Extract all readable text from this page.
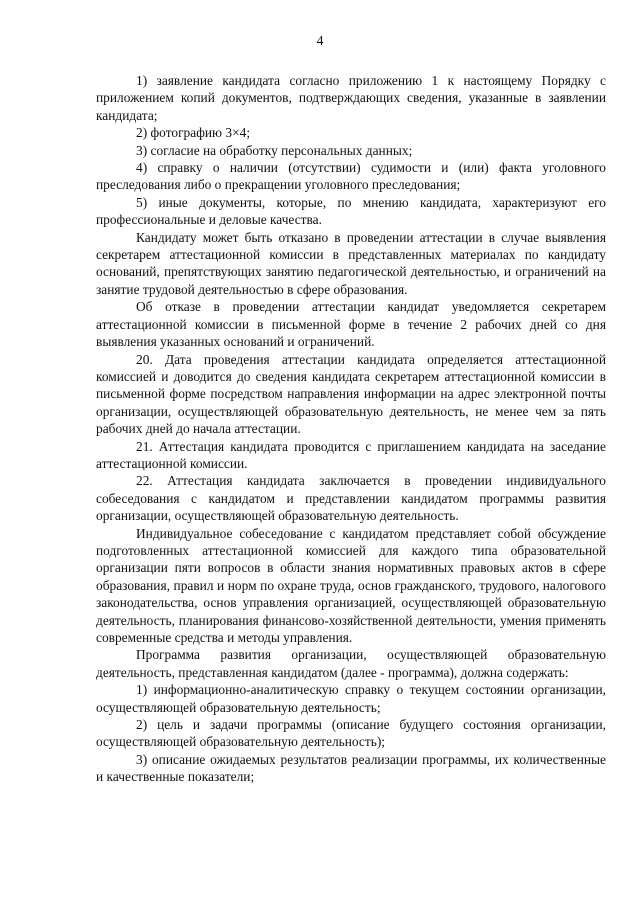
4

1) заявление кандидата согласно приложению 1 к настоящему Порядку с приложением копий документов, подтверждающих сведения, указанные в заявлении кандидата;

2) фотографию 3×4;

3) согласие на обработку персональных данных;

4) справку о наличии (отсутствии) судимости и (или) факта уголовного преследования либо о прекращении уголовного преследования;

5) иные документы, которые, по мнению кандидата, характеризуют его профессиональные и деловые качества.

Кандидату может быть отказано в проведении аттестации в случае выявления секретарем аттестационной комиссии в представленных материалах по кандидату оснований, препятствующих занятию педагогической деятельностью, и ограничений на занятие трудовой деятельностью в сфере образования.

Об отказе в проведении аттестации кандидат уведомляется секретарем аттестационной комиссии в письменной форме в течение 2 рабочих дней со дня выявления указанных оснований и ограничений.

20. Дата проведения аттестации кандидата определяется аттестационной комиссией и доводится до сведения кандидата секретарем аттестационной комиссии в письменной форме посредством направления информации на адрес электронной почты организации, осуществляющей образовательную деятельность, не менее чем за пять рабочих дней до начала аттестации.

21. Аттестация кандидата проводится с приглашением кандидата на заседание аттестационной комиссии.

22. Аттестация кандидата заключается в проведении индивидуального собеседования с кандидатом и представлении кандидатом программы развития организации, осуществляющей образовательную деятельность.

Индивидуальное собеседование с кандидатом представляет собой обсуждение подготовленных аттестационной комиссией для каждого типа образовательной организации пяти вопросов в области знания нормативных правовых актов в сфере образования, правил и норм по охране труда, основ гражданского, трудового, налогового законодательства, основ управления организацией, осуществляющей образовательную деятельность, планирования финансово-хозяйственной деятельности, умения применять современные средства и методы управления.

Программа развития организации, осуществляющей образовательную деятельность, представленная кандидатом (далее - программа), должна содержать:

1) информационно-аналитическую справку о текущем состоянии организации, осуществляющей образовательную деятельность;

2) цель и задачи программы (описание будущего состояния организации, осуществляющей образовательную деятельность);

3) описание ожидаемых результатов реализации программы, их количественные и качественные показатели;
